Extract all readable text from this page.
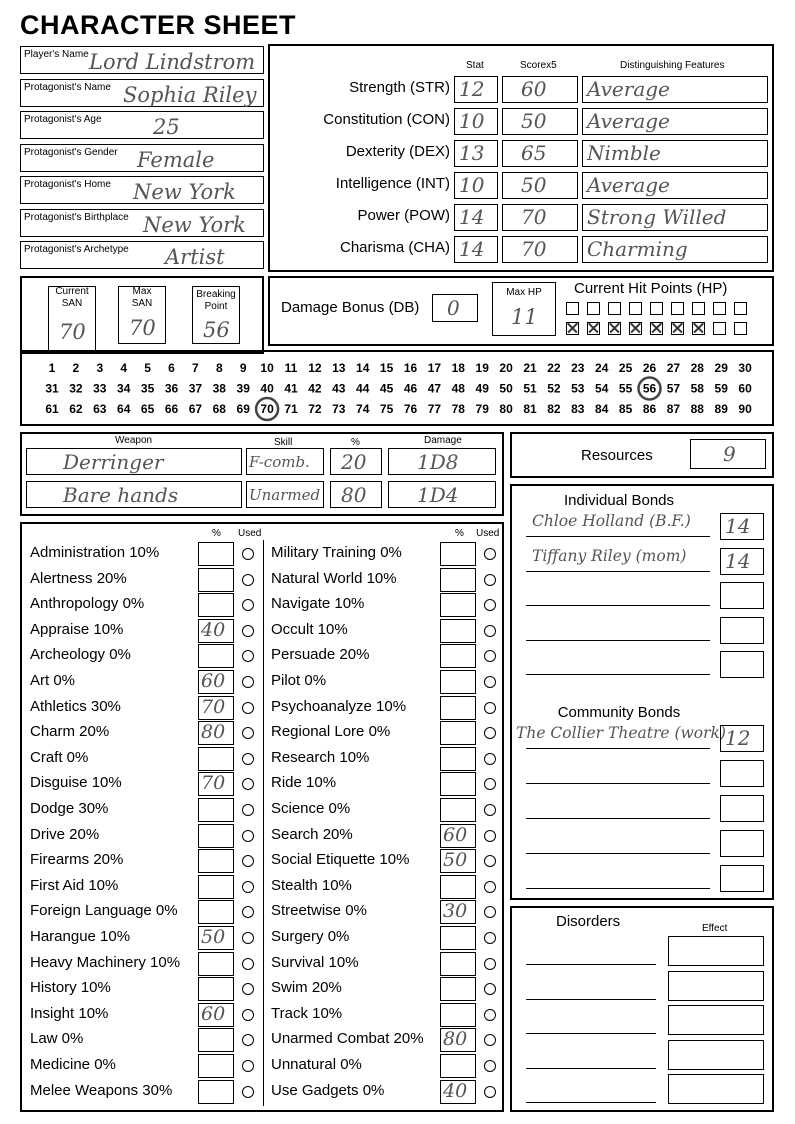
CHARACTER SHEET
Player's Name Lord Lindstrom
Protagonist's Name Sophia Riley
Protagonist's Age 25
Protagonist's Gender Female
Protagonist's Home New York
Protagonist's Birthplace New York
Protagonist's Archetype Artist
Stat	Scorex5	Distinguishing Features
Strength (STR) 12 60 Average
Constitution (CON) 10 50 Average
Dexterity (DEX) 13 65 Nimble
Intelligence (INT) 10 50 Average
Power (POW) 14 70 Strong Willed
Charisma (CHA) 14 70 Charming
Current
SAN
70
Max
SAN
70
Breaking
Point
56
Damage Bonus (DB) 0
Max HP
11
Current Hit Points (HP)
1 2 3 4 5 6 7 8 9 10 11 12 13 14 15 16 17 18 19 20 21 22 23 24 25 26 27 28 29 30
31 32 33 34 35 36 37 38 39 40 41 42 43 44 45 46 47 48 49 50 51 52 53 54 55 56 57 58 59 60
61 62 63 64 65 66 67 68 69 70 71 72 73 74 75 76 77 78 79 80 81 82 83 84 85 86 87 88 89 90
Weapon	Skill	%	Damage
Derringer	F-comb. 20	1D8
Bare hands	Unarmed 80	1D4
Resources	9
% Used	% Used
Administration 10%
Alertness 20%
Anthropology 0%
Appraise 10%	40
Archeology 0%
Art 0%	60
Athletics 30%	70
Charm 20%	80
Craft 0%
Disguise 10%	70
Dodge 30%
Drive 20%
Firearms 20%
First Aid 10%
Foreign Language 0%
Harangue 10%	50
Heavy Machinery 10%
History 10%
Insight 10%	60
Law 0%
Medicine 0%
Melee Weapons 30%
Military Training 0%
Natural World 10%
Navigate 10%
Occult 10%
Persuade 20%
Pilot 0%
Psychoanalyze 10%
Regional Lore 0%
Research 10%
Ride 10%
Science 0%
Search 20%	60
Social Etiquette 10% 50
Stealth 10%
Streetwise 0%	30
Surgery 0%
Survival 10%
Swim 20%
Track 10%
Unarmed Combat 20% 80
Unnatural 0%
Use Gadgets 0%	40
Individual Bonds
Community Bonds
Chloe Holland (B.F.) 14
Tiffany Riley (mom) 14
The Collier Theatre (work) 12
Disorders	Effect
